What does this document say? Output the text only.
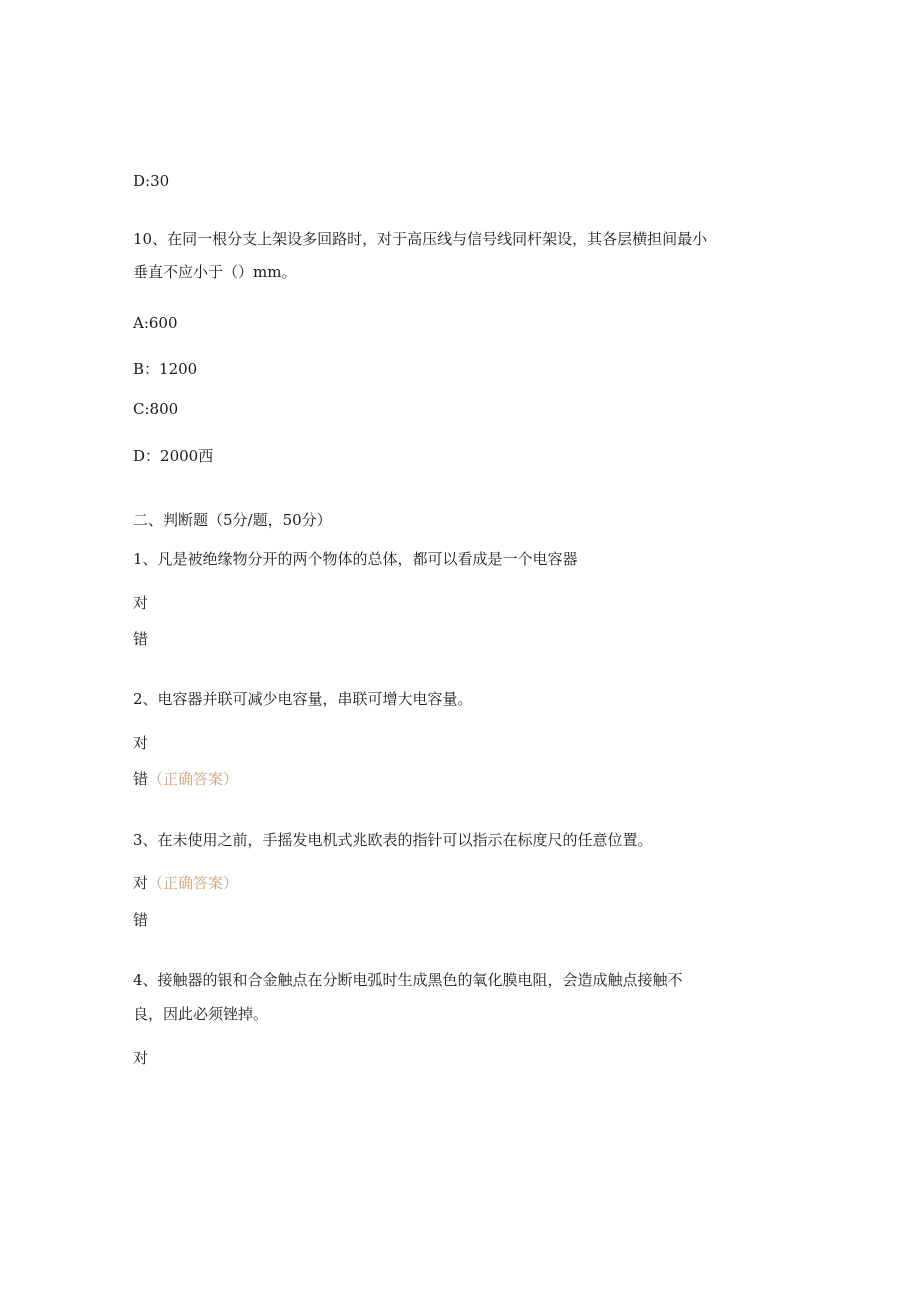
D:30
10、在同一根分支上架设多回路时，对于高压线与信号线同杆架设，其各层横担间最小
垂直不应小于（）mm。
A:600
B：1200
C:800
D：2000西
二、判断题（5分/题，50分）
1、凡是被绝缘物分开的两个物体的总体，都可以看成是一个电容器
对
错
2、电容器并联可减少电容量，串联可增大电容量。
对
错（正确答案）
3、在未使用之前，手摇发电机式兆欧表的指针可以指示在标度尺的任意位置。
对（正确答案）
错
4、接触器的银和合金触点在分断电弧时生成黑色的氧化膜电阻，会造成触点接触不
良，因此必须锉掉。
对
